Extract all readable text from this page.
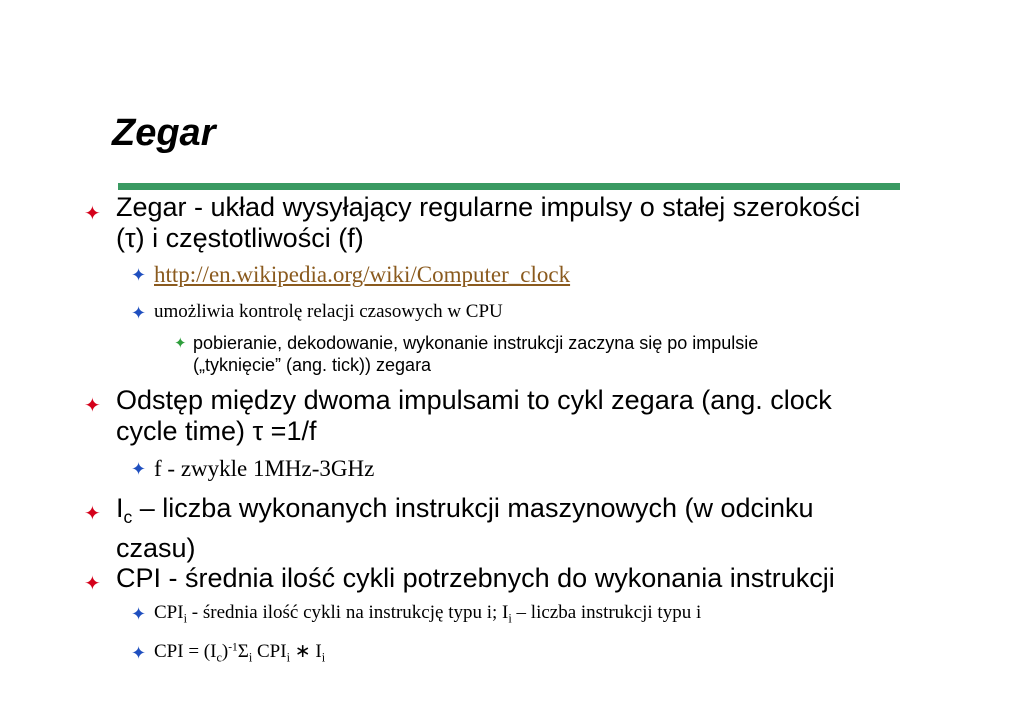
Zegar
✦ Zegar - układ wysyłający regularne impulsy o stałej szerokości
(τ) i częstotliwości (f)
✦ http://en.wikipedia.org/wiki/Computer_clock
✦ umożliwia kontrolę relacji czasowych w CPU
✦ pobieranie, dekodowanie, wykonanie instrukcji zaczyna się po impulsie
(„tyknięcie” (ang. tick)) zegara
✦ Odstęp między dwoma impulsami to cykl zegara (ang. clock
cycle time) τ =1/f
✦ f - zwykle 1MHz-3GHz
✦ $I_c$ – liczba wykonanych instrukcji maszynowych (w odcinku
czasu)
✦ CPI - średnia ilość cykli potrzebnych do wykonania instrukcji
✦ $CPI_i$ - średnia ilość cykli na instrukcję typu i; $I_i$ – liczba instrukcji typu i
✦ CPI = $(I_c)^{-1}\Sigma_i$ $CPI_i$ ∗ $I_i$
